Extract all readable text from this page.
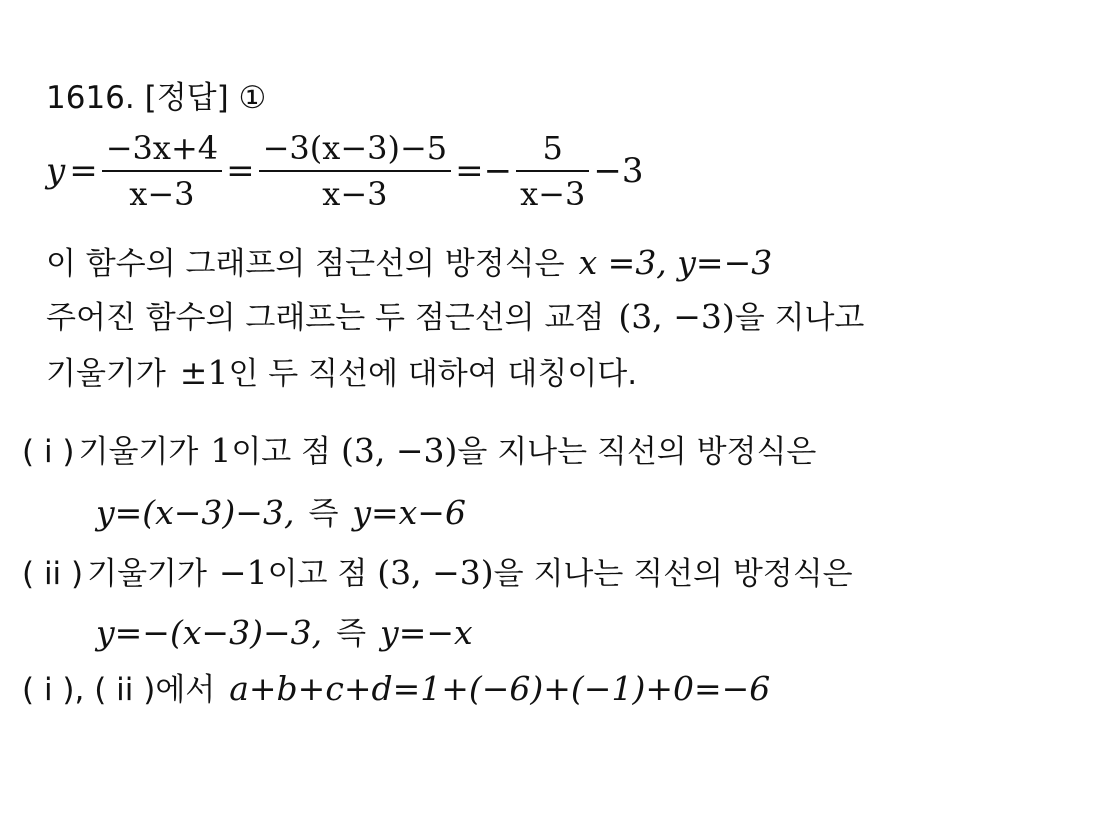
1616. [정답] ①
$y = \frac{-3x+4}{x-3} = \frac{-3(x-3)-5}{x-3} =- \frac{5}{x-3} -3$
이 함수의 그래프의 점근선의 방정식은 x =3, y=−3
주어진 함수의 그래프는 두 점근선의 교점 (3, −3)을 지나고
기울기가 ±1인 두 직선에 대하여 대칭이다.
( i ) 기울기가 1이고 점 (3, −3)을 지나는 직선의 방정식은
y=(x−3)−3, 즉 y=x−6
( ii ) 기울기가 −1이고 점 (3, −3)을 지나는 직선의 방정식은
y=−(x−3)−3, 즉 y=−x
( i ), ( ii )에서 a+b+c+d=1+(−6)+(−1)+0=−6
